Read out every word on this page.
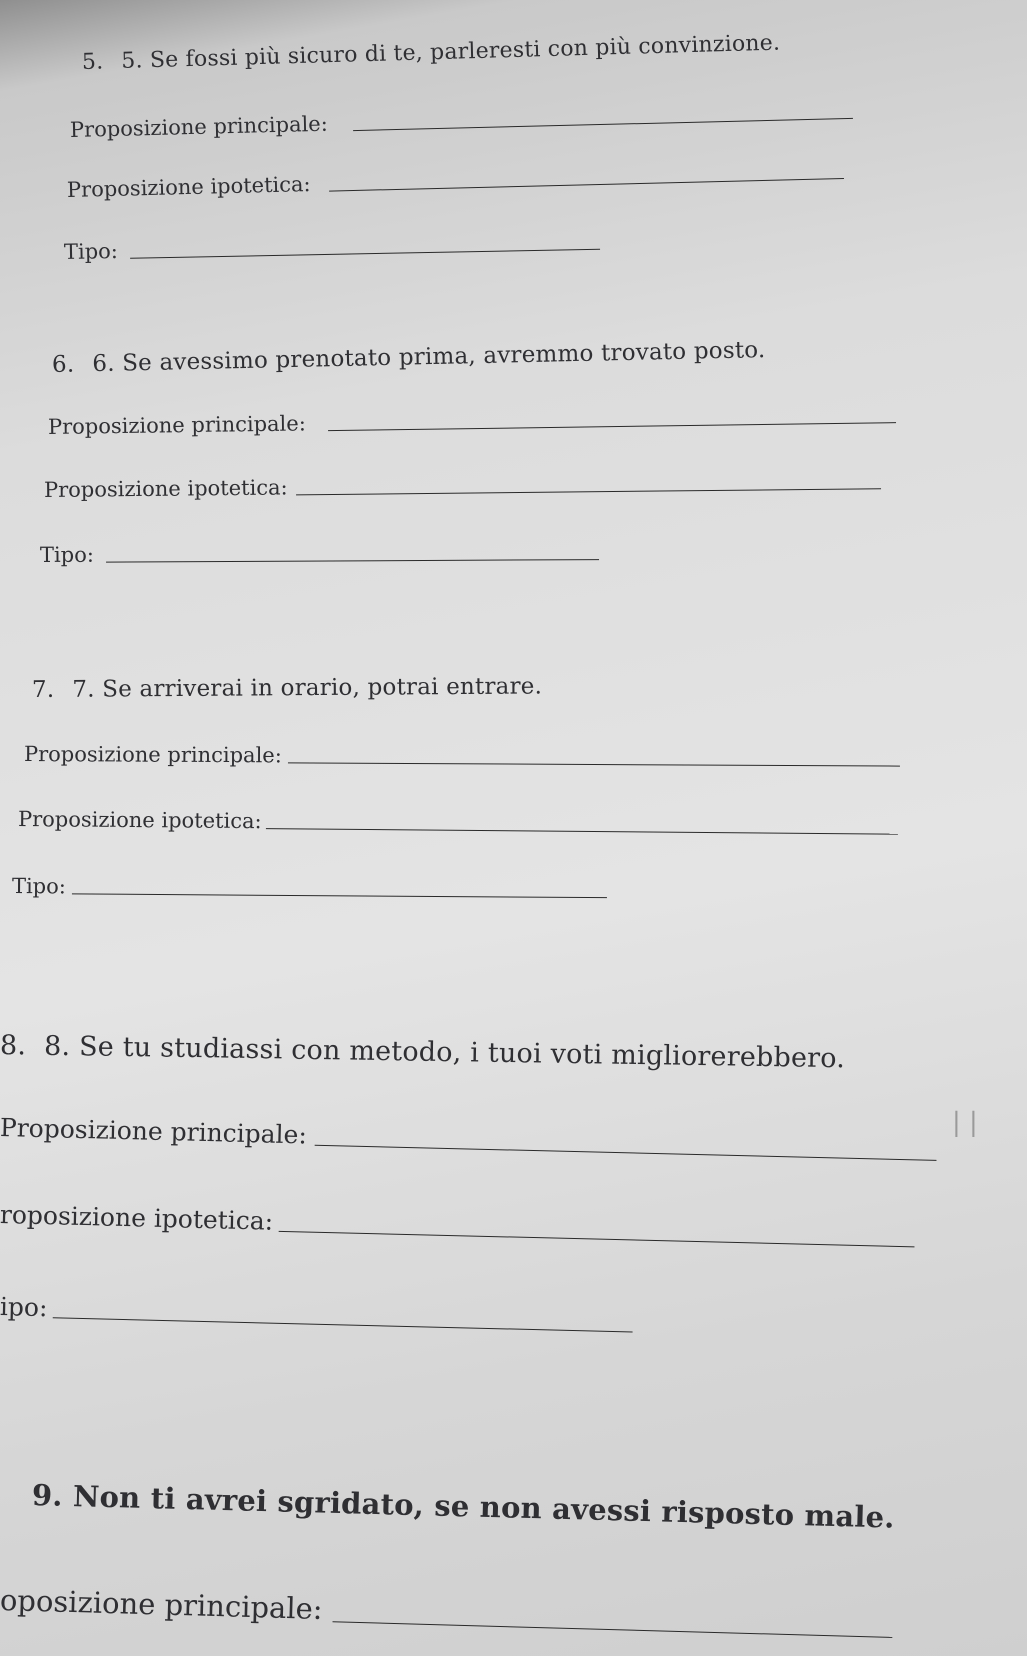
5. 5. Se fossi più sicuro di te, parleresti con più convinzione.
Proposizione principale:
Proposizione ipotetica:
Tipo:
6. 6. Se avessimo prenotato prima, avremmo trovato posto.
Proposizione principale:
Proposizione ipotetica:
Tipo:
7. 7. Se arriverai in orario, potrai entrare.
Proposizione principale:
Proposizione ipotetica:
Tipo:
8. 8. Se tu studiassi con metodo, i tuoi voti migliorerebbero.
Proposizione principale:
roposizione ipotetica:
ipo:
| |
9. Non ti avrei sgridato, se non avessi risposto male.
oposizione principale:
